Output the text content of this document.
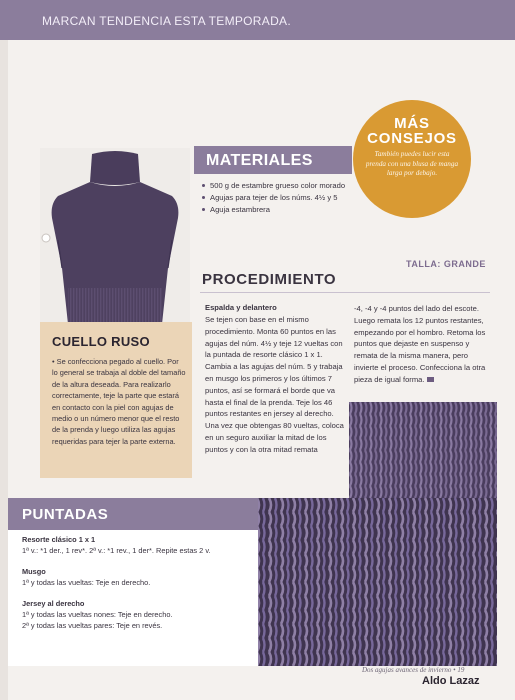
MARCAN TENDENCIA ESTA TEMPORADA.
CUELLO RUSO
• Se confecciona pegado al cuello. Por lo general se trabaja al doble del tamaño de la altura deseada. Para realizarlo correctamente, teje la parte que estará en contacto con la piel con agujas de medio o un número menor que el resto de la prenda y luego utiliza las agujas requeridas para tejer la parte externa.
MATERIALES
500 g de estambre grueso color morado
Agujas para tejer de los núms. 4½ y 5
Aguja estambrera
MÁS
CONSEJOS
También puedes lucir esta prenda con una blusa de manga larga por debajo.
TALLA: GRANDE
PROCEDIMIENTO
Espalda y delantero
Se tejen con base en el mismo procedimiento. Monta 60 puntos en las agujas del núm. 4½ y teje 12 vueltas con la puntada de resorte clásico 1 x 1. Cambia a las agujas del núm. 5 y trabaja en musgo los primeros y los últimos 7 puntos, así se formará el borde que va hasta el final de la prenda. Teje los 46 puntos restantes en jersey al derecho. Una vez que obtengas 80 vueltas, coloca en un seguro auxiliar la mitad de los puntos y con la otra mitad remata
-4, -4 y -4 puntos del lado del escote. Luego remata los 12 puntos restantes, empezando por el hombro. Retoma los puntos que dejaste en suspenso y remata de la misma manera, pero invierte el proceso. Confecciona la otra pieza de igual forma.
PUNTADAS
Resorte clásico 1 x 1
1ª v.: *1 der., 1 rev*. 2ª v.: *1 rev., 1 der*. Repite estas 2 v.
Musgo
1ª y todas las vueltas: Teje en derecho.
Jersey al derecho
1ª y todas las vueltas nones: Teje en derecho.
2ª y todas las vueltas pares: Teje en revés.
Dos agujas avances de invierno • 19
Aldo Lazaz
